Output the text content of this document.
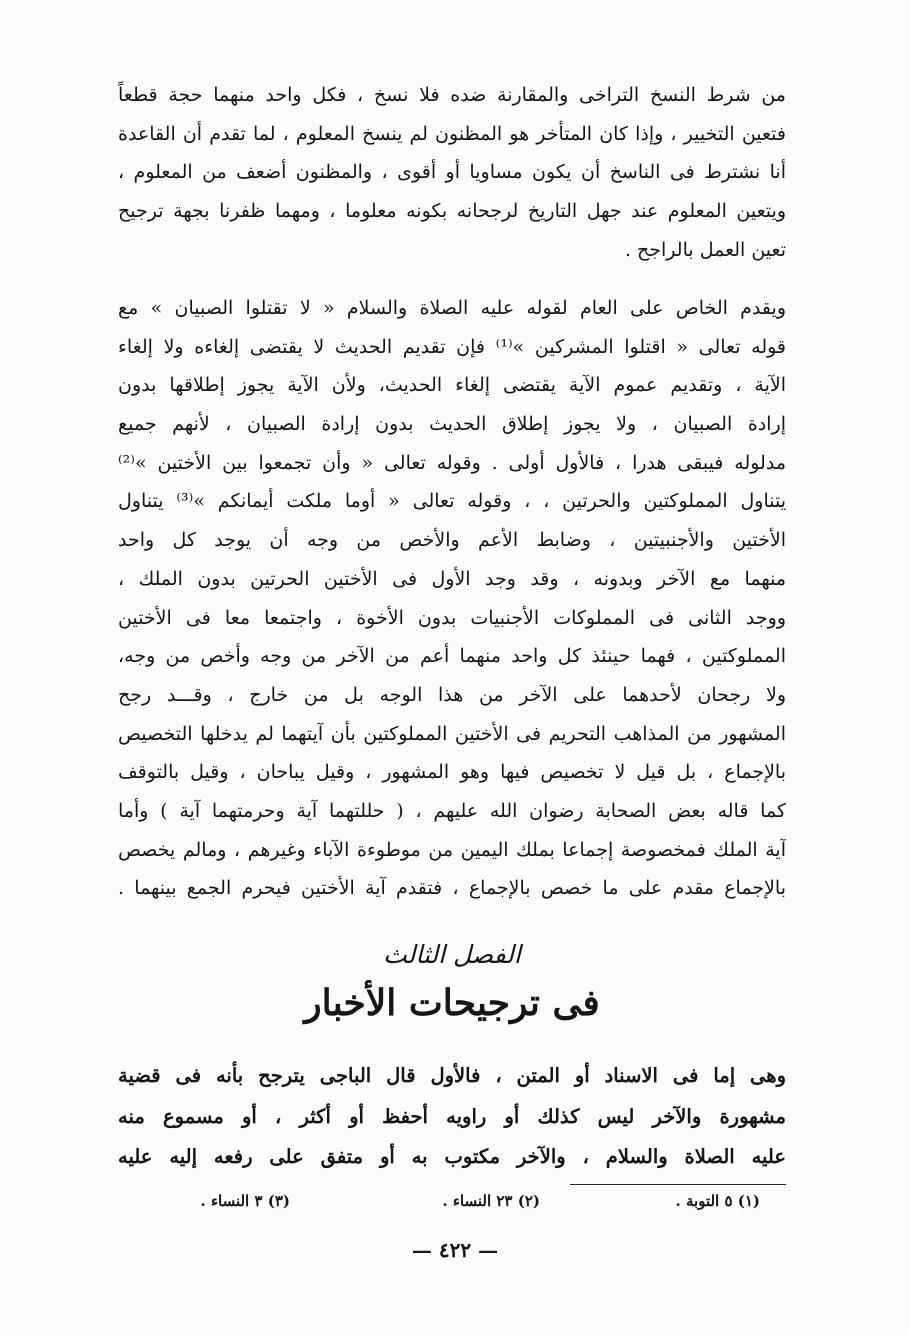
من شرط النسخ التراخى والمقارنة ضده فلا نسخ ، فكل واحد منهما حجة قطعاً
فتعين التخيير ، وإذا كان المتأخر هو المظنون لم ينسخ المعلوم ، لما تقدم أن القاعدة
أنا نشترط فى الناسخ أن يكون مساويا أو أقوى ، والمظنون أضعف من المعلوم ،
ويتعين المعلوم عند جهل التاريخ لرجحانه بكونه معلوما ، ومهما ظفرنا بجهة ترجيح
تعين العمل بالراجح .
ويقدم الخاص على العام لقوله عليه الصلاة والسلام « لا تقتلوا الصبيان » مع
قوله تعالى « اقتلوا المشركين »⁽¹⁾ فإن تقديم الحديث لا يقتضى إلغاءه ولا إلغاء
الآية ، وتقديم عموم الآية يقتضى إلغاء الحديث، ولأن الآية يجوز إطلاقها بدون
إرادة الصبيان ، ولا يجوز إطلاق الحديث بدون إرادة الصبيان ، لأنهم جميع
مدلوله فيبقى هدرا ، فالأول أولى . وقوله تعالى « وأن تجمعوا بين الأختين »⁽²⁾
يتناول المملوكتين والحرتين ، ، وقوله تعالى « أوما ملكت أيمانكم »⁽³⁾ يتناول
الأختين والأجنبيتين ، وضابط الأعم والأخص من وجه أن يوجد كل واحد
منهما مع الآخر وبدونه ، وقد وجد الأول فى الأختين الحرتين بدون الملك ،
ووجد الثانى فى المملوكات الأجنبيات بدون الأخوة ، واجتمعا معا فى الأختين
المملوكتين ، فهما حينئذ كل واحد منهما أعم من الآخر من وجه وأخص من وجه،
ولا رجحان لأحدهما على الآخر من هذا الوجه بل من خارج ، وقـــد رجح
المشهور من المذاهب التحريم فى الأختين المملوكتين بأن آيتهما لم يدخلها التخصيص
بالإجماع ، بل قيل لا تخصيص فيها وهو المشهور ، وقيل يباحان ، وقيل بالتوقف
كما قاله بعض الصحابة رضوان الله عليهم ، ( حللتهما آية وحرمتهما آية ) وأما
آية الملك فمخصوصة إجماعا بملك اليمين من موطوءة الآباء وغيرهم ، ومالم يخصص
بالإجماع مقدم على ما خصص بالإجماع ، فتقدم آية الأختين فيحرم الجمع بينهما .
الفصل الثالث
فى ترجيحات الأخبار
وهى إما فى الاسناد أو المتن ، فالأول قال الباجى يترجح بأنه فى قضية
مشهورة والآخر ليس كذلك أو راويه أحفظ أو أكثر ، أو مسموع منه
عليه الصلاة والسلام ، والآخر مكتوب به أو متفق على رفعه إليه عليه
(١) ٥ التوبة .
(٢) ٢٣ النساء .
(٣) ٣ النساء .
— ٤٢٢ —
